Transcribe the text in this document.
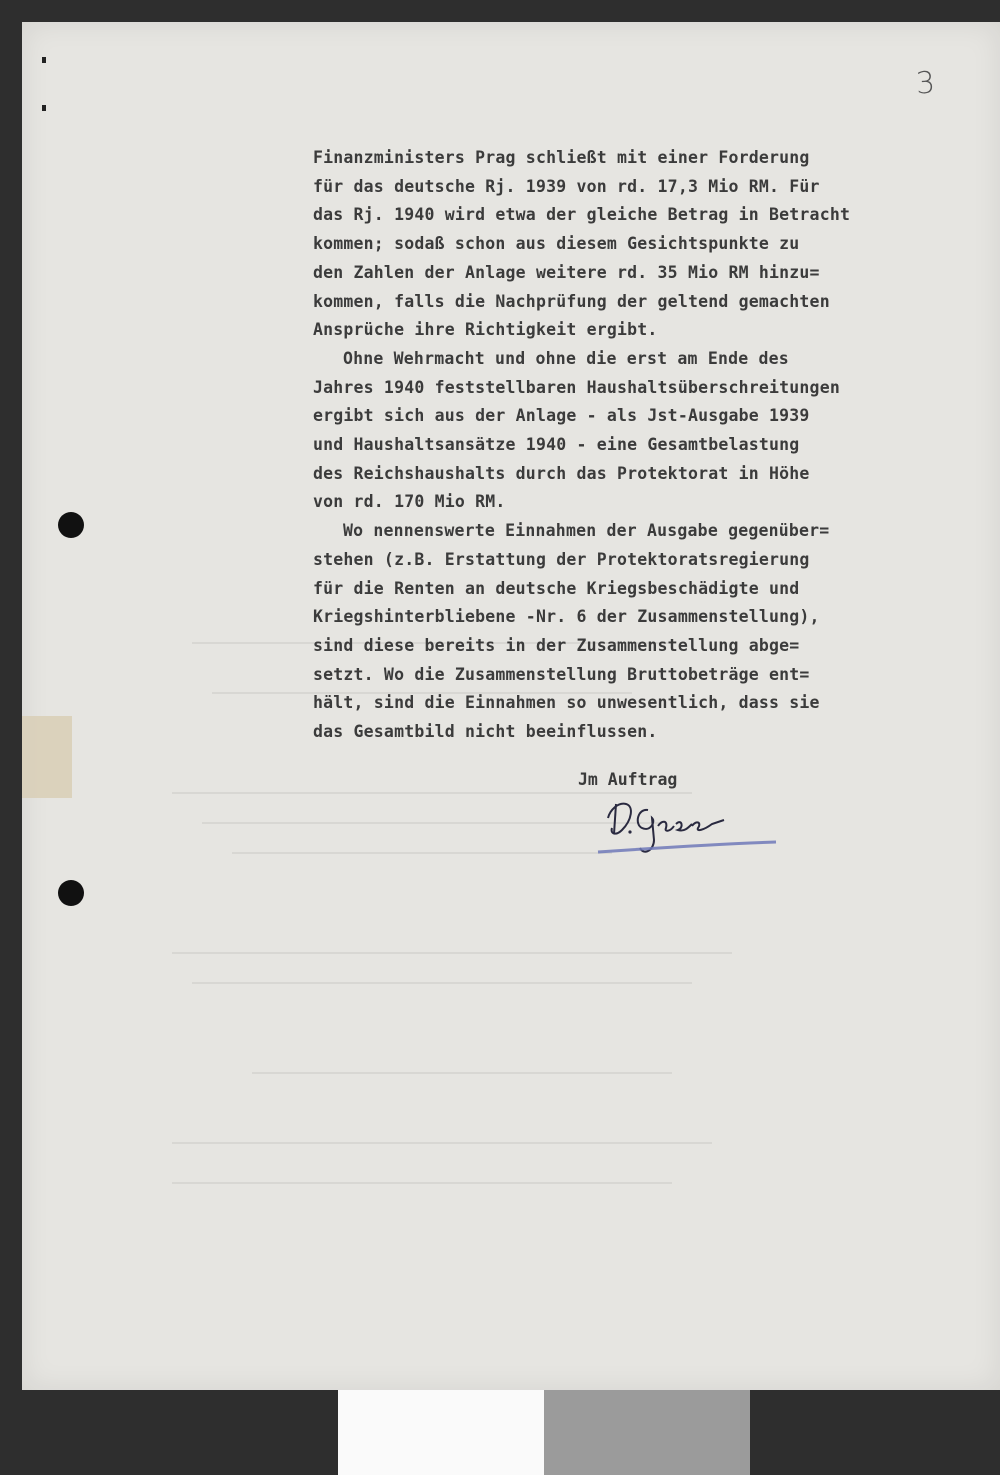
3

Finanzministers Prag schließt mit einer Forderung

für das deutsche Rj. 1939 von rd. 17,3 Mio RM. Für

das Rj. 1940 wird etwa der gleiche Betrag in Betracht

kommen; sodaß schon aus diesem Gesichtspunkte zu

den Zahlen der Anlage weitere rd. 35 Mio RM hinzu=

kommen, falls die Nachprüfung der geltend gemachten

Ansprüche ihre Richtigkeit ergibt.

Ohne Wehrmacht und ohne die erst am Ende des

Jahres 1940 feststellbaren Haushaltsüberschreitungen

ergibt sich aus der Anlage - als Jst-Ausgabe 1939

und Haushaltsansätze 1940 - eine Gesamtbelastung

des Reichshaushalts durch das Protektorat in Höhe

von rd. 170 Mio RM.

Wo nennenswerte Einnahmen der Ausgabe gegenüber=

stehen (z.B. Erstattung der Protektoratsregierung

für die Renten an deutsche Kriegsbeschädigte und

Kriegshinterbliebene -Nr. 6 der Zusammenstellung),

sind diese bereits in der Zusammenstellung abge=

setzt. Wo die Zusammenstellung Bruttobeträge ent=

hält, sind die Einnahmen so unwesentlich, dass sie

das Gesamtbild nicht beeinflussen.

Jm Auftrag
